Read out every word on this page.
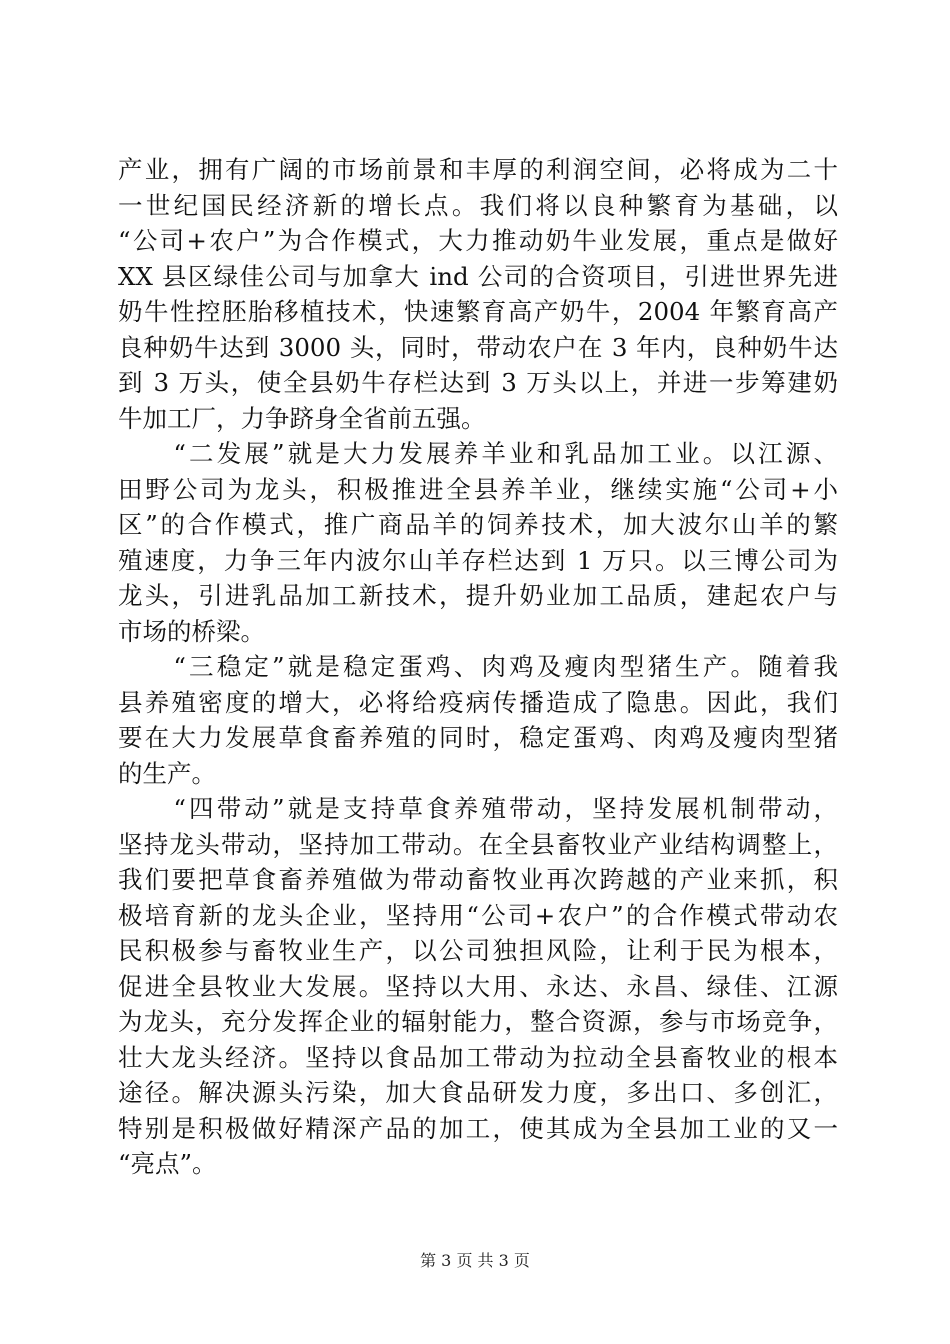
产业，拥有广阔的市场前景和丰厚的利润空间，必将成为二十
一世纪国民经济新的增长点。我们将以良种繁育为基础，以
“公司+农户”为合作模式，大力推动奶牛业发展，重点是做好
XX 县区绿佳公司与加拿大 ind 公司的合资项目，引进世界先进
奶牛性控胚胎移植技术，快速繁育高产奶牛，2004 年繁育高产
良种奶牛达到 3000 头，同时，带动农户在 3 年内，良种奶牛达
到 3 万头，使全县奶牛存栏达到 3 万头以上，并进一步筹建奶
牛加工厂，力争跻身全省前五强。
　　“二发展”就是大力发展养羊业和乳品加工业。以江源、
田野公司为龙头，积极推进全县养羊业，继续实施“公司+小
区”的合作模式，推广商品羊的饲养技术，加大波尔山羊的繁
殖速度，力争三年内波尔山羊存栏达到 1 万只。以三博公司为
龙头，引进乳品加工新技术，提升奶业加工品质，建起农户与
市场的桥梁。
　　“三稳定”就是稳定蛋鸡、肉鸡及瘦肉型猪生产。随着我
县养殖密度的增大，必将给疫病传播造成了隐患。因此，我们
要在大力发展草食畜养殖的同时，稳定蛋鸡、肉鸡及瘦肉型猪
的生产。
　　“四带动”就是支持草食养殖带动，坚持发展机制带动，
坚持龙头带动，坚持加工带动。在全县畜牧业产业结构调整上，
我们要把草食畜养殖做为带动畜牧业再次跨越的产业来抓，积
极培育新的龙头企业，坚持用“公司+农户”的合作模式带动农
民积极参与畜牧业生产，以公司独担风险，让利于民为根本，
促进全县牧业大发展。坚持以大用、永达、永昌、绿佳、江源
为龙头，充分发挥企业的辐射能力，整合资源，参与市场竞争，
壮大龙头经济。坚持以食品加工带动为拉动全县畜牧业的根本
途径。解决源头污染，加大食品研发力度，多出口、多创汇，
特别是积极做好精深产品的加工，使其成为全县加工业的又一
“亮点”。
第 3 页 共 3 页
